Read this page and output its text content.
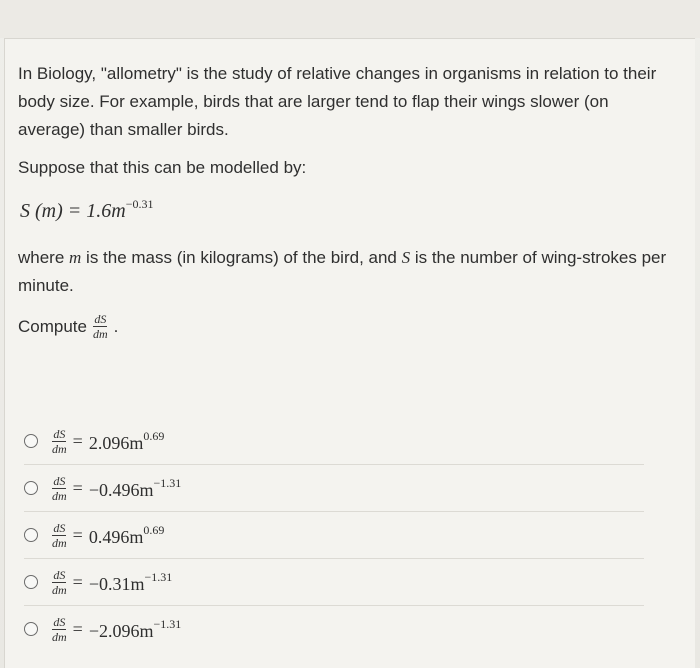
In Biology, "allometry" is the study of relative changes in organisms in relation to their body size. For example, birds that are larger tend to flap their wings slower (on average) than smaller birds.

Suppose that this can be modelled by:
S $(m) = 1.6m^{-0.31}$
where m is the mass (in kilograms) of the bird, and S is the number of wing-strokes per minute.
Compute $\frac{dS}{dm}$ .
$\frac{dS}{dm} = 2.096m^{0.69}$
$\frac{dS}{dm} = -0.496m^{-1.31}$
$\frac{dS}{dm} = 0.496m^{0.69}$
$\frac{dS}{dm} = -0.31m^{-1.31}$
$\frac{dS}{dm} = -2.096m^{-1.31}$
